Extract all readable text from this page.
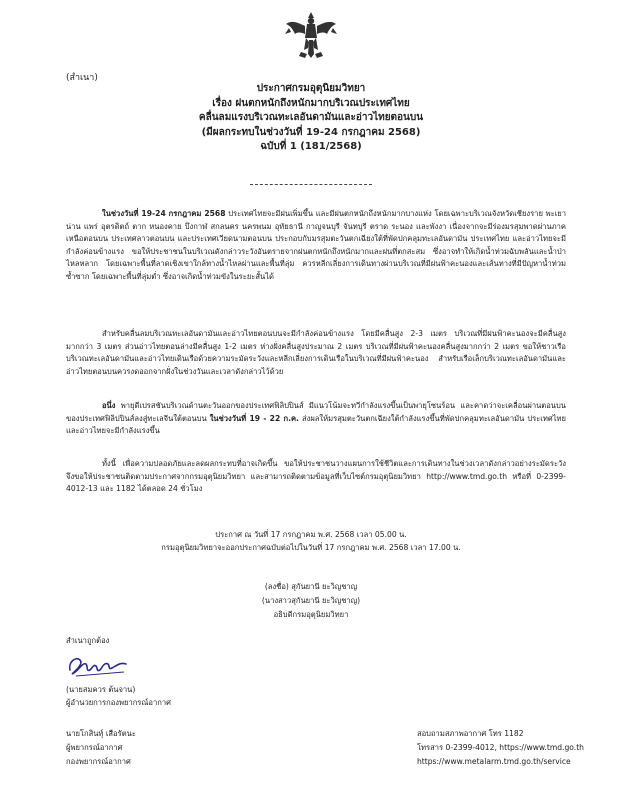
(สำเนา)
ประกาศกรมอุตุนิยมวิทยา
เรื่อง ฝนตกหนักถึงหนักมากบริเวณประเทศไทย
คลื่นลมแรงบริเวณทะเลอันดามันและอ่าวไทยตอนบน
(มีผลกระทบในช่วงวันที่ 19-24 กรกฎาคม 2568)
ฉบับที่ 1 (181/2568)
ในช่วงวันที่ 19-24 กรกฎาคม 2568 ประเทศไทยจะมีฝนเพิ่มขึ้น และมีฝนตกหนักถึงหนักมากบางแห่ง โดยเฉพาะบริเวณจังหวัดเชียงราย พะเยา น่าน แพร่ อุตรดิตถ์ ตาก หนองคาย บึงกาฬ สกลนคร นครพนม อุทัยธานี กาญจนบุรี จันทบุรี ตราด ระนอง และพังงา เนื่องจากจะมีร่องมรสุมพาดผ่านภาคเหนือตอนบน ประเทศลาวตอนบน และประเทศเวียดนามตอนบน ประกอบกับมรสุมตะวันตกเฉียงใต้ที่พัดปกคลุมทะเลอันดามัน ประเทศไทย และอ่าวไทยจะมีกำลังค่อนข้างแรง ขอให้ประชาชนในบริเวณดังกล่าวระวังอันตรายจากฝนตกหนักถึงหนักมากและฝนที่ตกสะสม ซึ่งอาจทำให้เกิดน้ำท่วมฉับพลันและน้ำป่าไหลหลาก โดยเฉพาะพื้นที่ลาดเชิงเขาใกล้ทางน้ำไหลผ่านและพื้นที่ลุ่ม ควรหลีกเลี่ยงการเดินทางผ่านบริเวณที่มีฝนฟ้าคะนองและเส้นทางที่มีปัญหาน้ำท่วมซ้ำซาก โดยเฉพาะพื้นที่ลุ่มต่ำ ซึ่งอาจเกิดน้ำท่วมขังในระยะสั้นได้
สำหรับคลื่นลมบริเวณทะเลอันดามันและอ่าวไทยตอนบนจะมีกำลังค่อนข้างแรง โดยมีคลื่นสูง 2-3 เมตร บริเวณที่มีฝนฟ้าคะนองจะมีคลื่นสูงมากกว่า 3 เมตร ส่วนอ่าวไทยตอนล่างมีคลื่นสูง 1-2 เมตร ห่างฝั่งคลื่นสูงประมาณ 2 เมตร บริเวณที่มีฝนฟ้าคะนองคลื่นสูงมากกว่า 2 เมตร ขอให้ชาวเรือบริเวณทะเลอันดามันและอ่าวไทยเดินเรือด้วยความระมัดระวังและหลีกเลี่ยงการเดินเรือในบริเวณที่มีฝนฟ้าคะนอง สำหรับเรือเล็กบริเวณทะเลอันดามันและอ่าวไทยตอนบนควรงดออกจากฝั่งในช่วงวันและเวลาดังกล่าวไว้ด้วย
อนึ่ง พายุดีเปรสชันบริเวณด้านตะวันออกของประเทศฟิลิปปินส์ มีแนวโน้มจะทวีกำลังแรงขึ้นเป็นพายุโซนร้อน และคาดว่าจะเคลื่อนผ่านตอนบนของประเทศฟิลิปปินส์ลงสู่ทะเลจีนใต้ตอนบน ในช่วงวันที่ 19 - 22 ก.ค. ส่งผลให้มรสุมตะวันตกเฉียงใต้กำลังแรงขึ้นที่พัดปกคลุมทะเลอันดามัน ประเทศไทย และอ่าวไทยจะมีกำลังแรงขึ้น
ทั้งนี้ เพื่อความปลอดภัยและลดผลกระทบที่อาจเกิดขึ้น ขอให้ประชาชนวางแผนการใช้ชีวิตและการเดินทางในช่วงเวลาดังกล่าวอย่างระมัดระวัง จึงขอให้ประชาชนติดตามประกาศจากกรมอุตุนิยมวิทยา และสามารถติดตามข้อมูลที่เว็บไซต์กรมอุตุนิยมวิทยา http://www.tmd.go.th หรือที่ 0-2399-4012-13 และ 1182 ได้ตลอด 24 ชั่วโมง
ประกาศ ณ วันที่ 17 กรกฎาคม พ.ศ. 2568 เวลา 05.00 น.
กรมอุตุนิยมวิทยาจะออกประกาศฉบับต่อไปในวันที่ 17 กรกฎาคม พ.ศ. 2568 เวลา 17.00 น.
(ลงชื่อ) สุกันยานี ยะวิญชาญ
(นางสาวสุกันยานี ยะวิญชาญ)
อธิบดีกรมอุตุนิยมวิทยา
สำเนาถูกต้อง
(นายสมควร ต้นจาน)
ผู้อำนวยการกองพยากรณ์อากาศ
นายโกสินทุ์ เสือรัตนะ
ผู้พยากรณ์อากาศ
กองพยากรณ์อากาศ
สอบถามสภาพอากาศ โทร 1182
โทรสาร 0-2399-4012, https://www.tmd.go.th
https://www.metalarm.tmd.go.th/service
